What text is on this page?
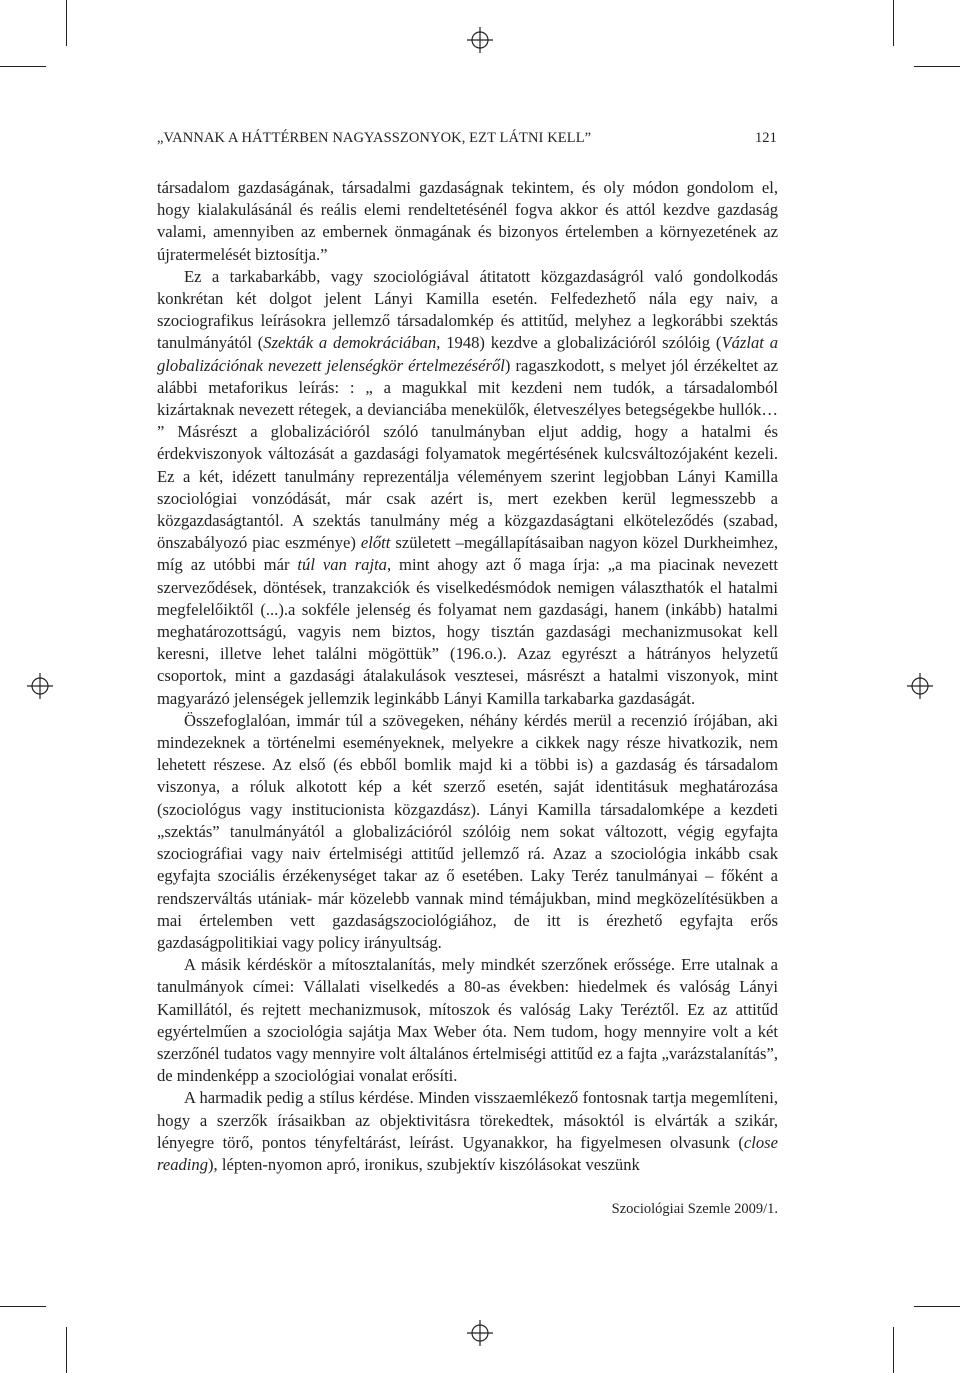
„VANNAK A HÁTTÉRBEN NAGYASSZONYOK, EZT LÁTNI KELL”	121

társadalom gazdaságának, társadalmi gazdaságnak tekintem, és oly módon gondolom el, hogy kialakulásánál és reális elemi rendeltetésénél fogva akkor és attól kezdve gazdaság valami, amennyiben az embernek önmagának és bizonyos értelemben a környezetének az újratermelését biztosítja.”

Ez a tarkabarkább, vagy szociológiával átitatott közgazdaságról való gondolkodás konkrétan két dolgot jelent Lányi Kamilla esetén. Felfedezhető nála egy naiv, a szociografikus leírásokra jellemző társadalomkép és attitűd, melyhez a legkorábbi szektás tanulmányától (Szekták a demokráciában, 1948) kezdve a globalizációról szólóig (Vázlat a globalizációnak nevezett jelenségkör értelmezéséről) ragaszkodott, s melyet jól érzékeltet az alábbi metaforikus leírás: : „ a magukkal mit kezdeni nem tudók, a társadalomból kizártaknak nevezett rétegek, a devianciába menekülők, életveszélyes betegségekbe hullók… ” Másrészt a globalizációról szóló tanulmányban eljut addig, hogy a hatalmi és érdekviszonyok változását a gazdasági folyamatok megértésének kulcsváltozójaként kezeli. Ez a két, idézett tanulmány reprezentálja véleményem szerint legjobban Lányi Kamilla szociológiai vonzódását, már csak azért is, mert ezekben kerül legmesszebb a közgazdaságtantól. A szektás tanulmány még a közgazdaságtani elköteleződés (szabad, önszabályozó piac eszménye) előtt született –megállapításaiban nagyon közel Durkheimhez, míg az utóbbi már túl van rajta, mint ahogy azt ő maga írja: „a ma piacinak nevezett szerveződések, döntések, tranzakciók és viselkedésmódok nemigen választhatók el hatalmi megfelelőiktől (...).a sokféle jelenség és folyamat nem gazdasági, hanem (inkább) hatalmi meghatározottságú, vagyis nem biztos, hogy tisztán gazdasági mechanizmusokat kell keresni, illetve lehet találni mögöttük” (196.o.). Azaz egyrészt a hátrányos helyzetű csoportok, mint a gazdasági átalakulások vesztesei, másrészt a hatalmi viszonyok, mint magyarázó jelenségek jellemzik leginkább Lányi Kamilla tarkabarka gazdaságát.

Összefoglalóan, immár túl a szövegeken, néhány kérdés merül a recenzió írójában, aki mindezeknek a történelmi eseményeknek, melyekre a cikkek nagy része hivatkozik, nem lehetett részese. Az első (és ebből bomlik majd ki a többi is) a gazdaság és társadalom viszonya, a róluk alkotott kép a két szerző esetén, saját identitásuk meghatározása (szociológus vagy institucionista közgazdász). Lányi Kamilla társadalomképe a kezdeti „szektás” tanulmányától a globalizációról szólóig nem sokat változott, végig egyfajta szociográfiai vagy naiv értelmiségi attitűd jellemző rá. Azaz a szociológia inkább csak egyfajta szociális érzékenységet takar az ő esetében. Laky Teréz tanulmányai – főként a rendszerváltás utániak- már közelebb vannak mind témájukban, mind megközelítésükben a mai értelemben vett gazdaságszociológiához, de itt is érezhető egyfajta erős gazdaságpolitikiai vagy policy irányultság.

A másik kérdéskör a mítosztalanítás, mely mindkét szerzőnek erőssége. Erre utalnak a tanulmányok címei: Vállalati viselkedés a 80-as években: hiedelmek és valóság Lányi Kamillától, és rejtett mechanizmusok, mítoszok és valóság Laky Teréztől. Ez az attitűd egyértelműen a szociológia sajátja Max Weber óta. Nem tudom, hogy mennyire volt a két szerzőnél tudatos vagy mennyire volt általános értelmiségi attitűd ez a fajta „varázstalanítás”, de mindenképp a szociológiai vonalat erősíti.

A harmadik pedig a stílus kérdése. Minden visszaemlékező fontosnak tartja megemlíteni, hogy a szerzők írásaikban az objektivitásra törekedtek, másoktól is elvárták a szikár, lényegre törő, pontos tényfeltárást, leírást. Ugyanakkor, ha figyelmesen olvasunk (close reading), lépten-nyomon apró, ironikus, szubjektív kiszólásokat veszünk

Szociológiai Szemle 2009/1.
